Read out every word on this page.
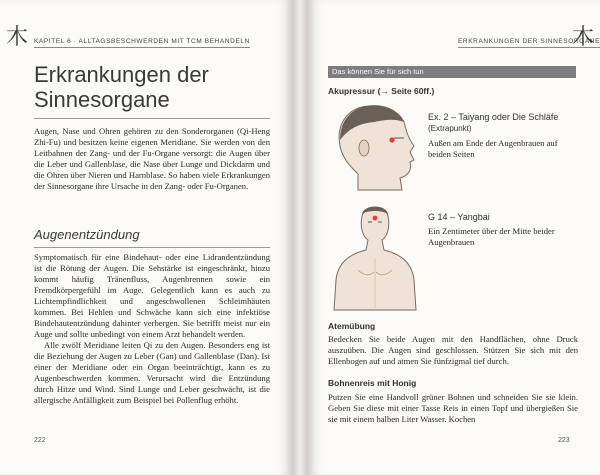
木 KAPITEL 6 · ALLTAGSBESCHWERDEN MIT TCM BEHANDELN
Erkrankungen der
Sinnesorgane

Augen, Nase und Ohren gehören zu den Sonderorganen (Qi-Heng Zhi-Fu) und besitzen keine eigenen Meridiane. Sie werden von den Leitbahnen der Zang- und der Fu-Organe versorgt: die Augen über die Leber und Gallenblase, die Nase über Lunge und Dickdarm und die Ohren über Nieren und Harnblase. So haben viele Erkrankungen der Sinnesorgane ihre Ursache in den Zang- oder Fu-Organen.

Augenentzündung

Symptomatisch für eine Bindehaut- oder eine Lidrandentzündung ist die Rötung der Augen. Die Sehstärke ist eingeschränkt, hinzu kommt häufig Tränenfluss, Augenbrennen sowie ein Fremdkörpergefühl im Auge. Gelegentlich kann es auch zu Lichtempfindlichkeit und angeschwollenen Schleimhäuten kommen. Bei Hehlen und Schwäche kann sich eine infektiöse Bindehautentzündung dahinter verbergen. Sie betrifft meist nur ein Auge und sollte unbedingt von einem Arzt behandelt werden.

Alle zwölf Meridiane leiten Qi zu den Augen. Besonders eng ist die Beziehung der Augen zu Leber (Gan) und Gallenblase (Dan). Ist einer der Meridiane oder ein Organ beeinträchtigt, kann es zu Augenbeschwerden kommen. Verursacht wird die Entzündung durch Hitze und Wind. Sind Lunge und Leber geschwächt, ist die allergische Anfälligkeit zum Beispiel bei Pollenflug erhöht.

222
ERKRANKUNGEN DER SINNESORGANE
木
Das können Sie für sich tun
Akupressur (→ Seite 60ff.)
Ex. 2 – Taiyang oder Die Schläfe
(Extrapunkt)
Außen am Ende der Augenbrauen auf beiden Seiten
G 14 – Yangbai
Ein Zentimeter über der Mitte beider Augenbrauen
Atemübung
Bedecken Sie beide Augen mit den Handflächen, ohne Druck auszuüben. Die Augen sind geschlossen. Stützen Sie sich mit den Ellenbogen auf und atmen Sie fünfzigmal tief durch.
Bohnenreis mit Honig
Putzen Sie eine Handvoll grüner Bohnen und schneiden Sie sie klein. Geben Sie diese mit einer Tasse Reis in einen Topf und übergießen Sie sie mit einem halben Liter Wasser. Kochen
223
